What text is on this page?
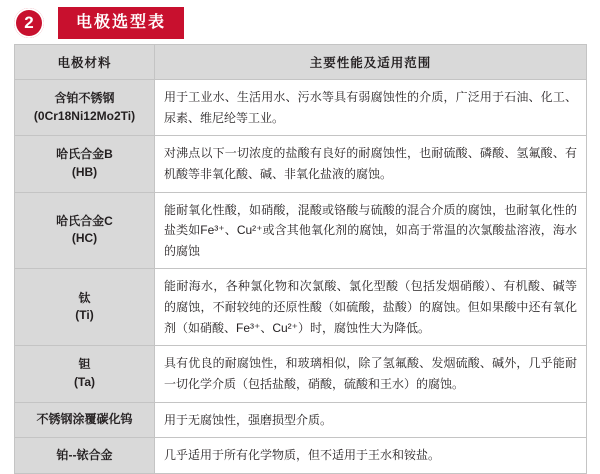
2	电极选型表
电极材料	主要性能及适用范围

含铂不锈钢
(0Cr18Ni12Mo2Ti)	用于工业水、生活用水、污水等具有弱腐蚀性的介质，广泛用于石油、化工、尿素、维尼纶等工业。

哈氏合金B
(HB)	对沸点以下一切浓度的盐酸有良好的耐腐蚀性，也耐硫酸、磷酸、氢氟酸、有机酸等非氧化酸、碱、非氧化盐液的腐蚀。

哈氏合金C
(HC)	能耐氧化性酸，如硝酸，混酸或铬酸与硫酸的混合介质的腐蚀，也耐氧化性的盐类如Fe³⁺、Cu²⁺或含其他氧化剂的腐蚀，如高于常温的次氯酸盐溶液，海水的腐蚀

钛
(Ti)	能耐海水，各种氯化物和次氯酸、氯化型酸（包括发烟硝酸）、有机酸、碱等的腐蚀，不耐较纯的还原性酸（如硫酸，盐酸）的腐蚀。但如果酸中还有氧化剂（如硝酸、Fe³⁺、Cu²⁺）时，腐蚀性大为降低。

钽
(Ta)	具有优良的耐腐蚀性，和玻璃相似，除了氢氟酸、发烟硫酸、碱外，几乎能耐一切化学介质（包括盐酸，硝酸，硫酸和王水）的腐蚀。

不锈钢涂覆碳化钨	用于无腐蚀性，强磨损型介质。

铂--铱合金	几乎适用于所有化学物质，但不适用于王水和铵盐。
